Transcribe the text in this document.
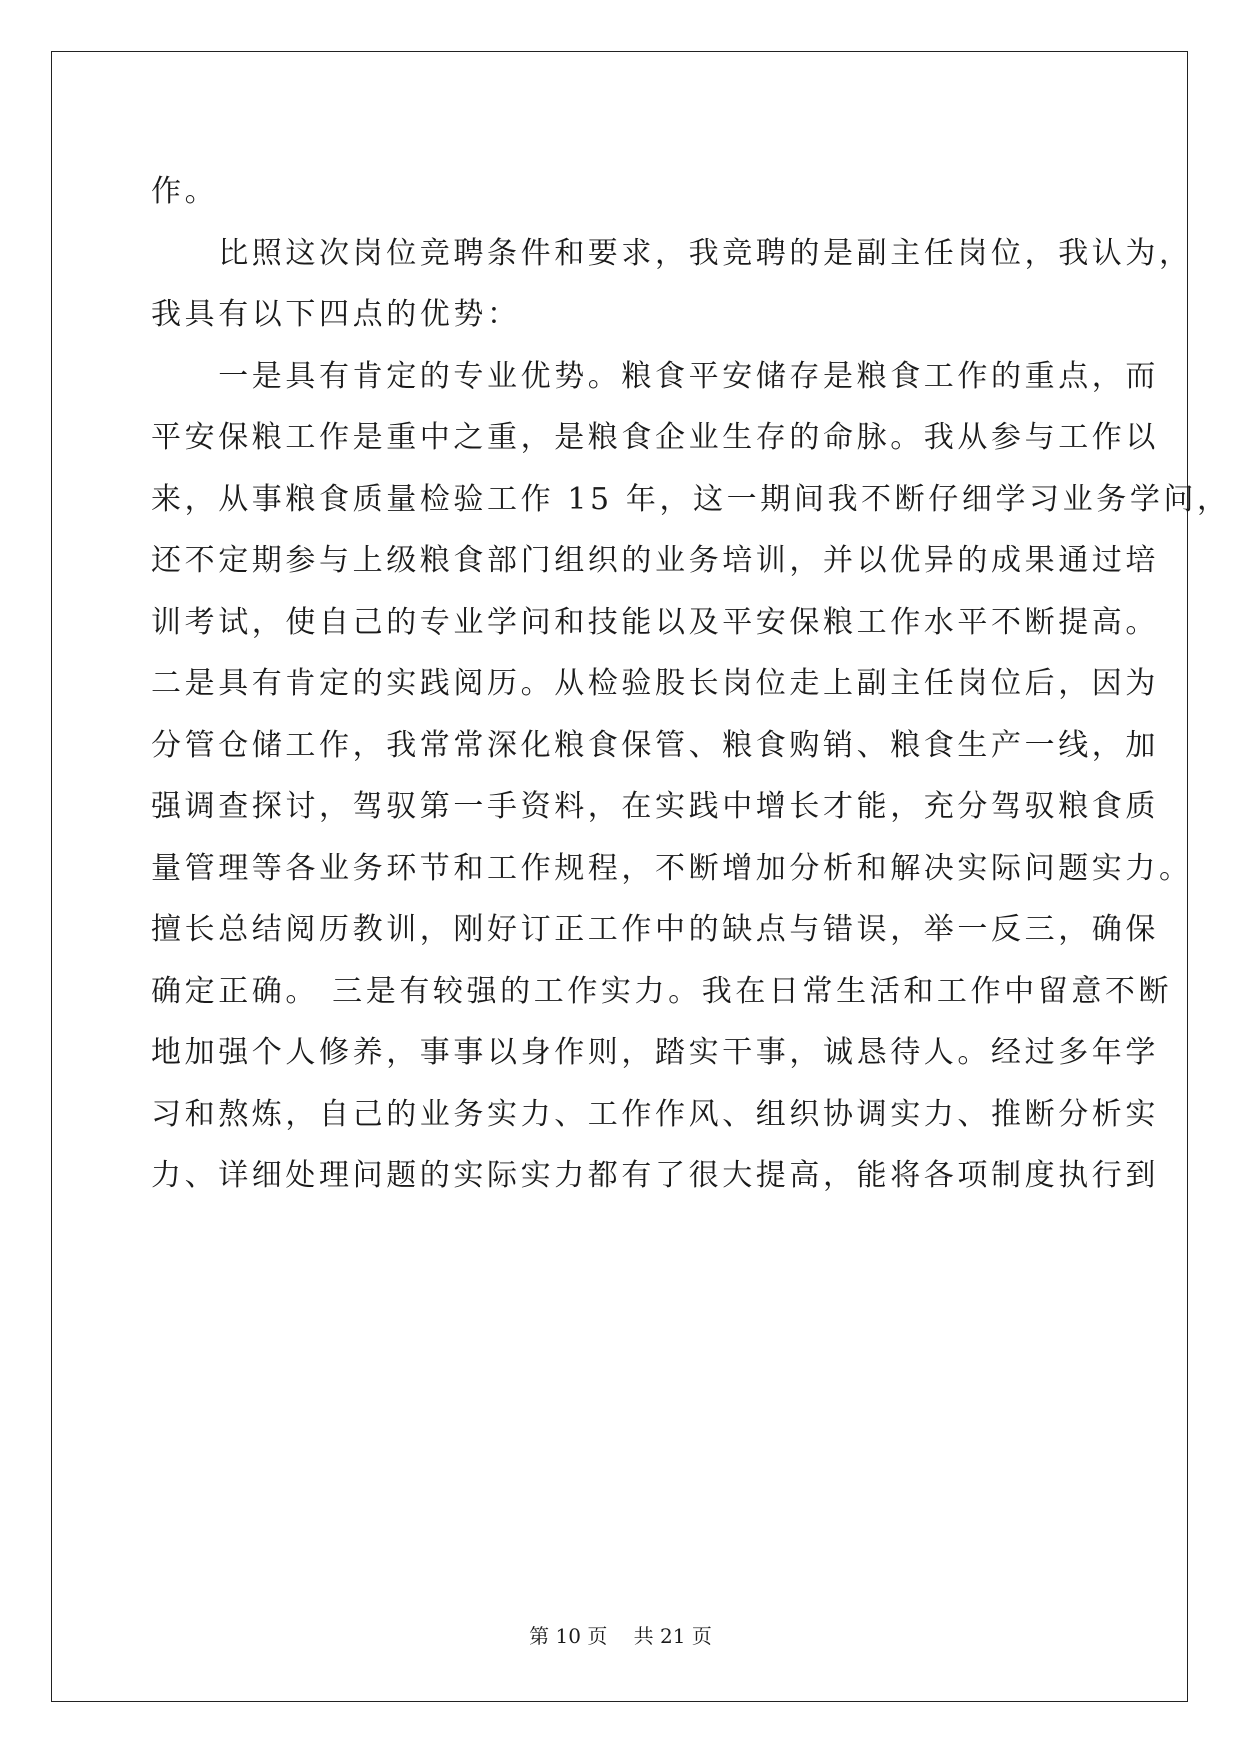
作。
　　比照这次岗位竞聘条件和要求，我竞聘的是副主任岗位，我认为，
我具有以下四点的优势：
　　一是具有肯定的专业优势。粮食平安储存是粮食工作的重点，而
平安保粮工作是重中之重，是粮食企业生存的命脉。我从参与工作以
来，从事粮食质量检验工作 15 年，这一期间我不断仔细学习业务学问，
还不定期参与上级粮食部门组织的业务培训，并以优异的成果通过培
训考试，使自己的专业学问和技能以及平安保粮工作水平不断提高。
二是具有肯定的实践阅历。从检验股长岗位走上副主任岗位后，因为
分管仓储工作，我常常深化粮食保管、粮食购销、粮食生产一线，加
强调查探讨，驾驭第一手资料，在实践中增长才能，充分驾驭粮食质
量管理等各业务环节和工作规程，不断增加分析和解决实际问题实力。
擅长总结阅历教训，刚好订正工作中的缺点与错误，举一反三，确保
确定正确。 三是有较强的工作实力。我在日常生活和工作中留意不断
地加强个人修养，事事以身作则，踏实干事，诚恳待人。经过多年学
习和熬炼，自己的业务实力、工作作风、组织协调实力、推断分析实
力、详细处理问题的实际实力都有了很大提高，能将各项制度执行到
第 10 页　 共 21 页
